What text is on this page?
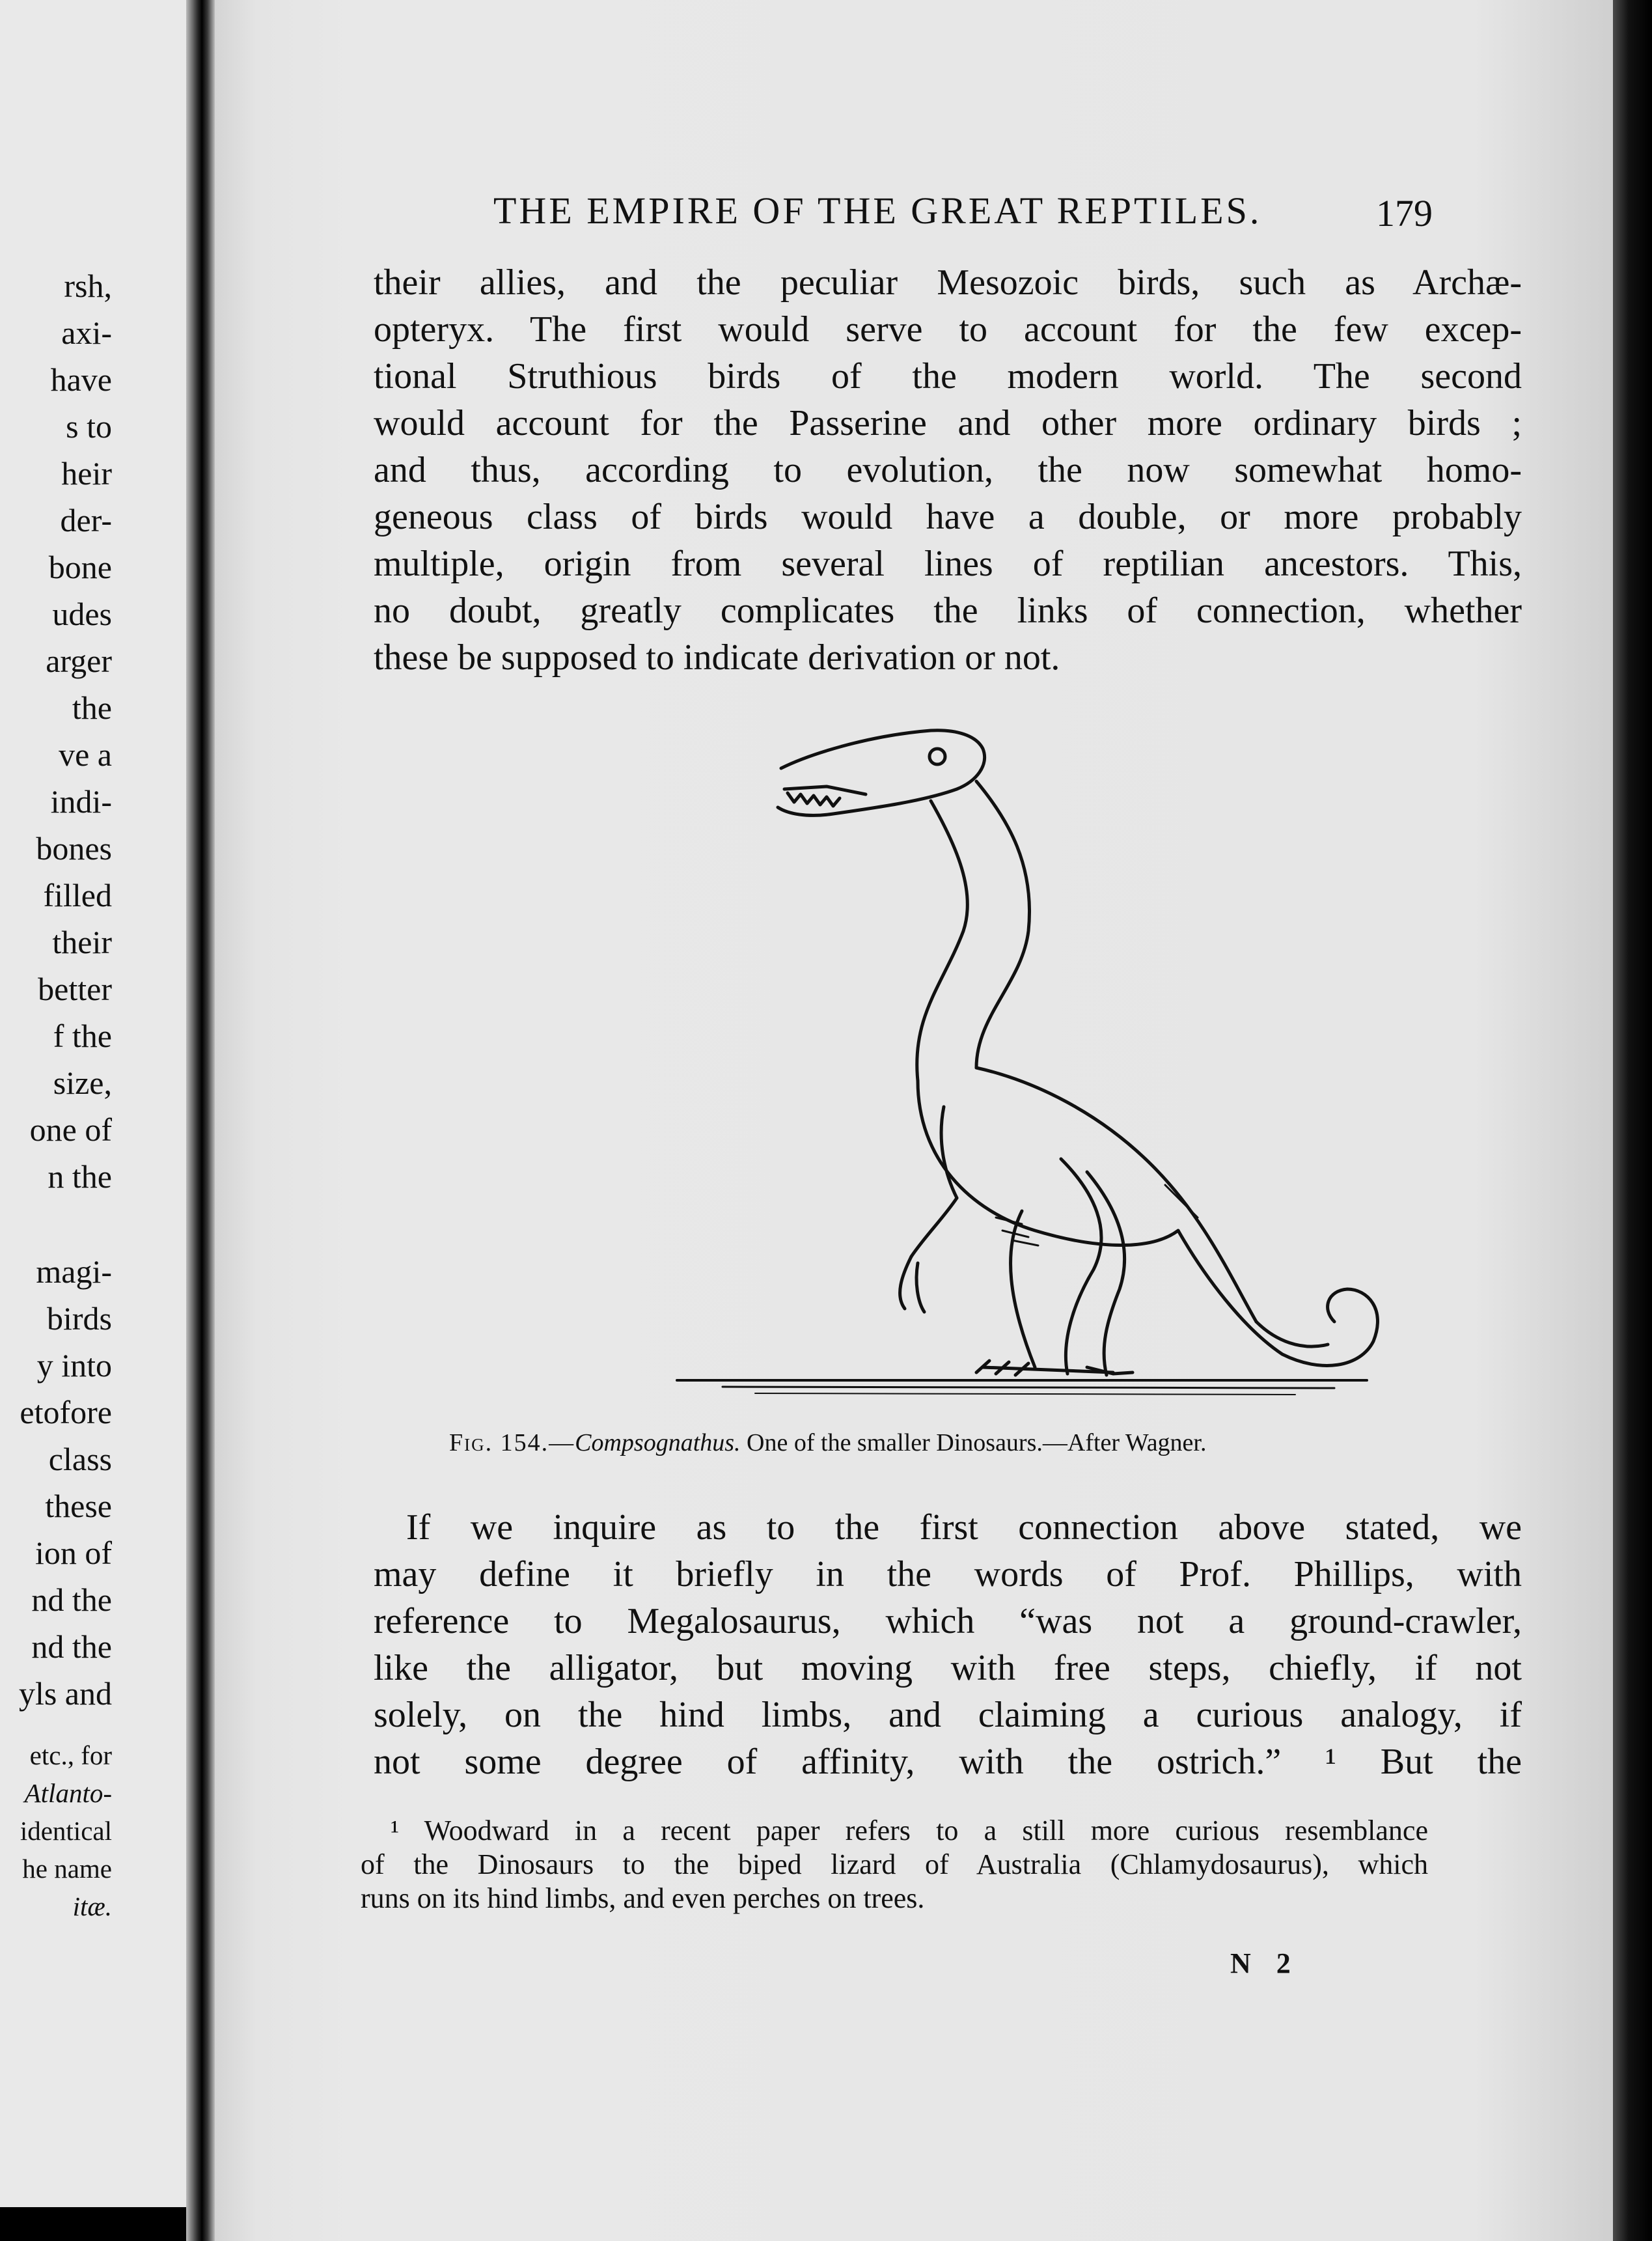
rsh,
axi-
have
s to
heir
der-
bone
udes
arger
the
ve a
indi-
bones
filled
their
better
f the
size,
one of
n the
magi-
birds
y into
etofore
class
these
ion of
nd the
nd the
yls and
etc., for
Atlanto-
identical
he name
itæ.
THE EMPIRE OF THE GREAT REPTILES.	179
their allies, and the peculiar Mesozoic birds, such as Archæ-
opteryx. The first would serve to account for the few excep-
tional Struthious birds of the modern world. The second
would account for the Passerine and other more ordinary birds ;
and thus, according to evolution, the now somewhat homo-
geneous class of birds would have a double, or more probably
multiple, origin from several lines of reptilian ancestors. This,
no doubt, greatly complicates the links of connection, whether
these be supposed to indicate derivation or not.
Fig. 154.—Compsognathus. One of the smaller Dinosaurs.—After Wagner.
If we inquire as to the first connection above stated, we
may define it briefly in the words of Prof. Phillips, with
reference to Megalosaurus, which “was not a ground-crawler,
like the alligator, but moving with free steps, chiefly, if not
solely, on the hind limbs, and claiming a curious analogy, if
not some degree of affinity, with the ostrich.” ¹ But the
¹ Woodward in a recent paper refers to a still more curious resemblance
of the Dinosaurs to the biped lizard of Australia (Chlamydosaurus), which
runs on its hind limbs, and even perches on trees.
N 2
